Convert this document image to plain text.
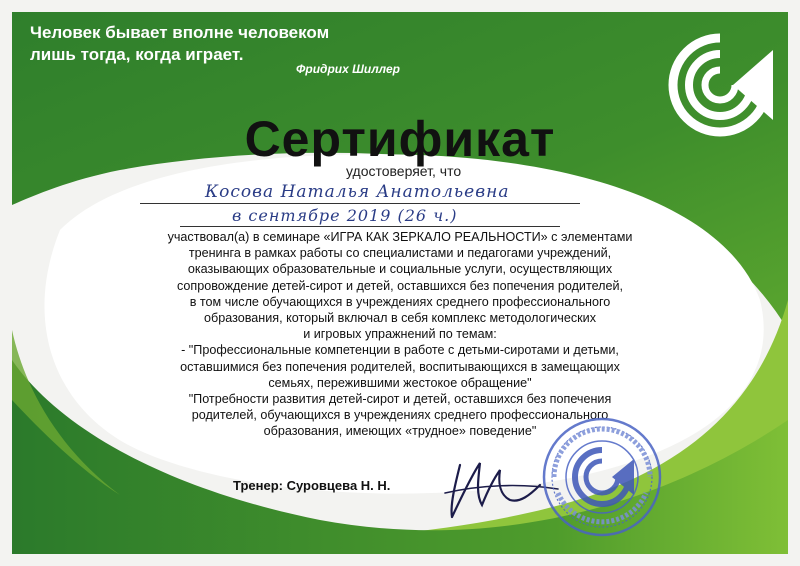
Человек бывает вполне человеком
лишь тогда, когда играет.
Фридрих Шиллер
Сертификат
удостоверяет, что
Косова Наталья Анатольевна
в сентябре 2019 (26 ч.)

участвовал(а) в семинаре «ИГРА КАК ЗЕРКАЛО РЕАЛЬНОСТИ» с элементами

тренинга в рамках работы со специалистами и педагогами учреждений,

оказывающих образовательные и социальные услуги, осуществляющих

сопровождение детей-сирот и детей, оставшихся без попечения родителей,

в том числе обучающихся в учреждениях среднего профессионального

образования, который включал в себя комплекс методологических

и игровых упражнений по темам:

- "Профессиональные компетенции в работе с детьми-сиротами и детьми,

оставшимися без попечения родителей, воспитывающихся в замещающих

семьях, пережившими жестокое обращение"

"Потребности развития детей-сирот и детей, оставшихся без попечения

родителей, обучающихся в учреждениях среднего профессионального

образования, имеющих «трудное» поведение"

Тренер: Суровцева Н. Н.
